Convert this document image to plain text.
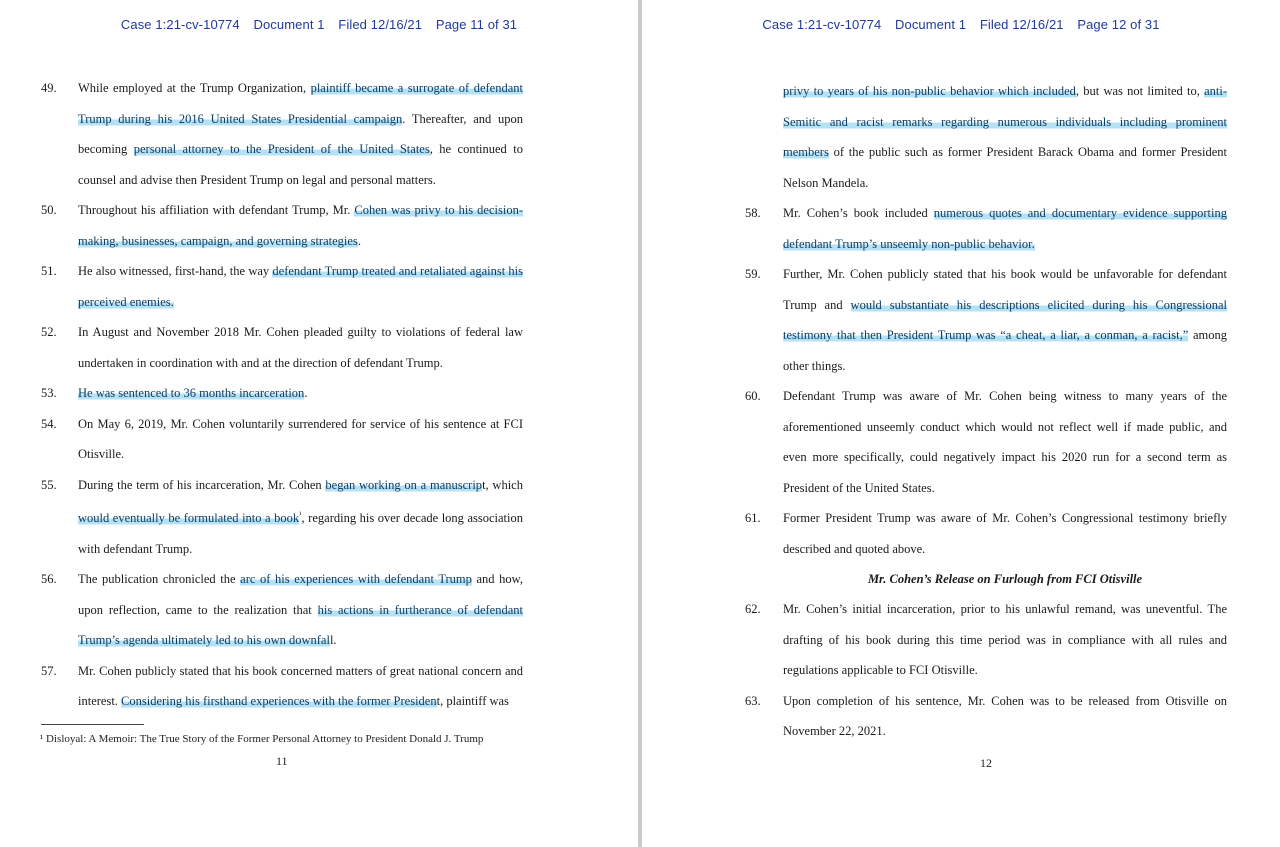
Case 1:21-cv-10774 Document 1 Filed 12/16/21 Page 11 of 31
49. While employed at the Trump Organization, plaintiff became a surrogate of defendant Trump during his 2016 United States Presidential campaign. Thereafter, and upon becoming personal attorney to the President of the United States, he continued to counsel and advise then President Trump on legal and personal matters.
50. Throughout his affiliation with defendant Trump, Mr. Cohen was privy to his decision-making, businesses, campaign, and governing strategies.
51. He also witnessed, first-hand, the way defendant Trump treated and retaliated against his perceived enemies.
52. In August and November 2018 Mr. Cohen pleaded guilty to violations of federal law undertaken in coordination with and at the direction of defendant Trump.
53. He was sentenced to 36 months incarceration.
54. On May 6, 2019, Mr. Cohen voluntarily surrendered for service of his sentence at FCI Otisville.
55. During the term of his incarceration, Mr. Cohen began working on a manuscript, which would eventually be formulated into a book$^{^1}$, regarding his over decade long association with defendant Trump.
56. The publication chronicled the arc of his experiences with defendant Trump and how, upon reflection, came to the realization that his actions in furtherance of defendant Trump’s agenda ultimately led to his own downfall.
57. Mr. Cohen publicly stated that his book concerned matters of great national concern and interest. Considering his firsthand experiences with the former President, plaintiff was
¹ Disloyal: A Memoir: The True Story of the Former Personal Attorney to President Donald J. Trump
11
Case 1:21-cv-10774 Document 1 Filed 12/16/21 Page 12 of 31
privy to years of his non-public behavior which included, but was not limited to, anti-Semitic and racist remarks regarding numerous individuals including prominent members of the public such as former President Barack Obama and former President Nelson Mandela.
58. Mr. Cohen’s book included numerous quotes and documentary evidence supporting defendant Trump’s unseemly non-public behavior.
59. Further, Mr. Cohen publicly stated that his book would be unfavorable for defendant Trump and would substantiate his descriptions elicited during his Congressional testimony that then President Trump was “a cheat, a liar, a conman, a racist,” among other things.
60. Defendant Trump was aware of Mr. Cohen being witness to many years of the aforementioned unseemly conduct which would not reflect well if made public, and even more specifically, could negatively impact his 2020 run for a second term as President of the United States.
61. Former President Trump was aware of Mr. Cohen’s Congressional testimony briefly described and quoted above.
Mr. Cohen’s Release on Furlough from FCI Otisville
62. Mr. Cohen’s initial incarceration, prior to his unlawful remand, was uneventful. The drafting of his book during this time period was in compliance with all rules and regulations applicable to FCI Otisville.
63. Upon completion of his sentence, Mr. Cohen was to be released from Otisville on November 22, 2021.
12
